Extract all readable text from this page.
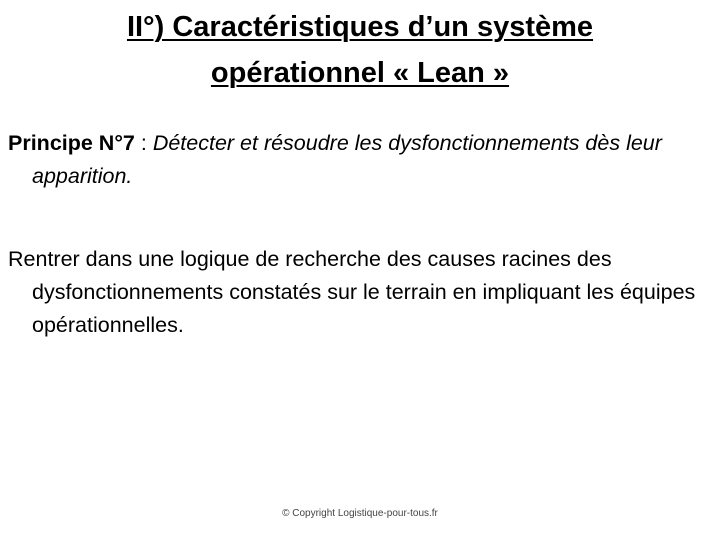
II°) Caractéristiques d’un système
opérationnel « Lean »

Principe N°7 : Détecter et résoudre les dysfonctionnements dès leur apparition.

Rentrer dans une logique de recherche des causes racines des dysfonctionnements constatés sur le terrain en impliquant les équipes opérationnelles.

© Copyright Logistique-pour-tous.fr
